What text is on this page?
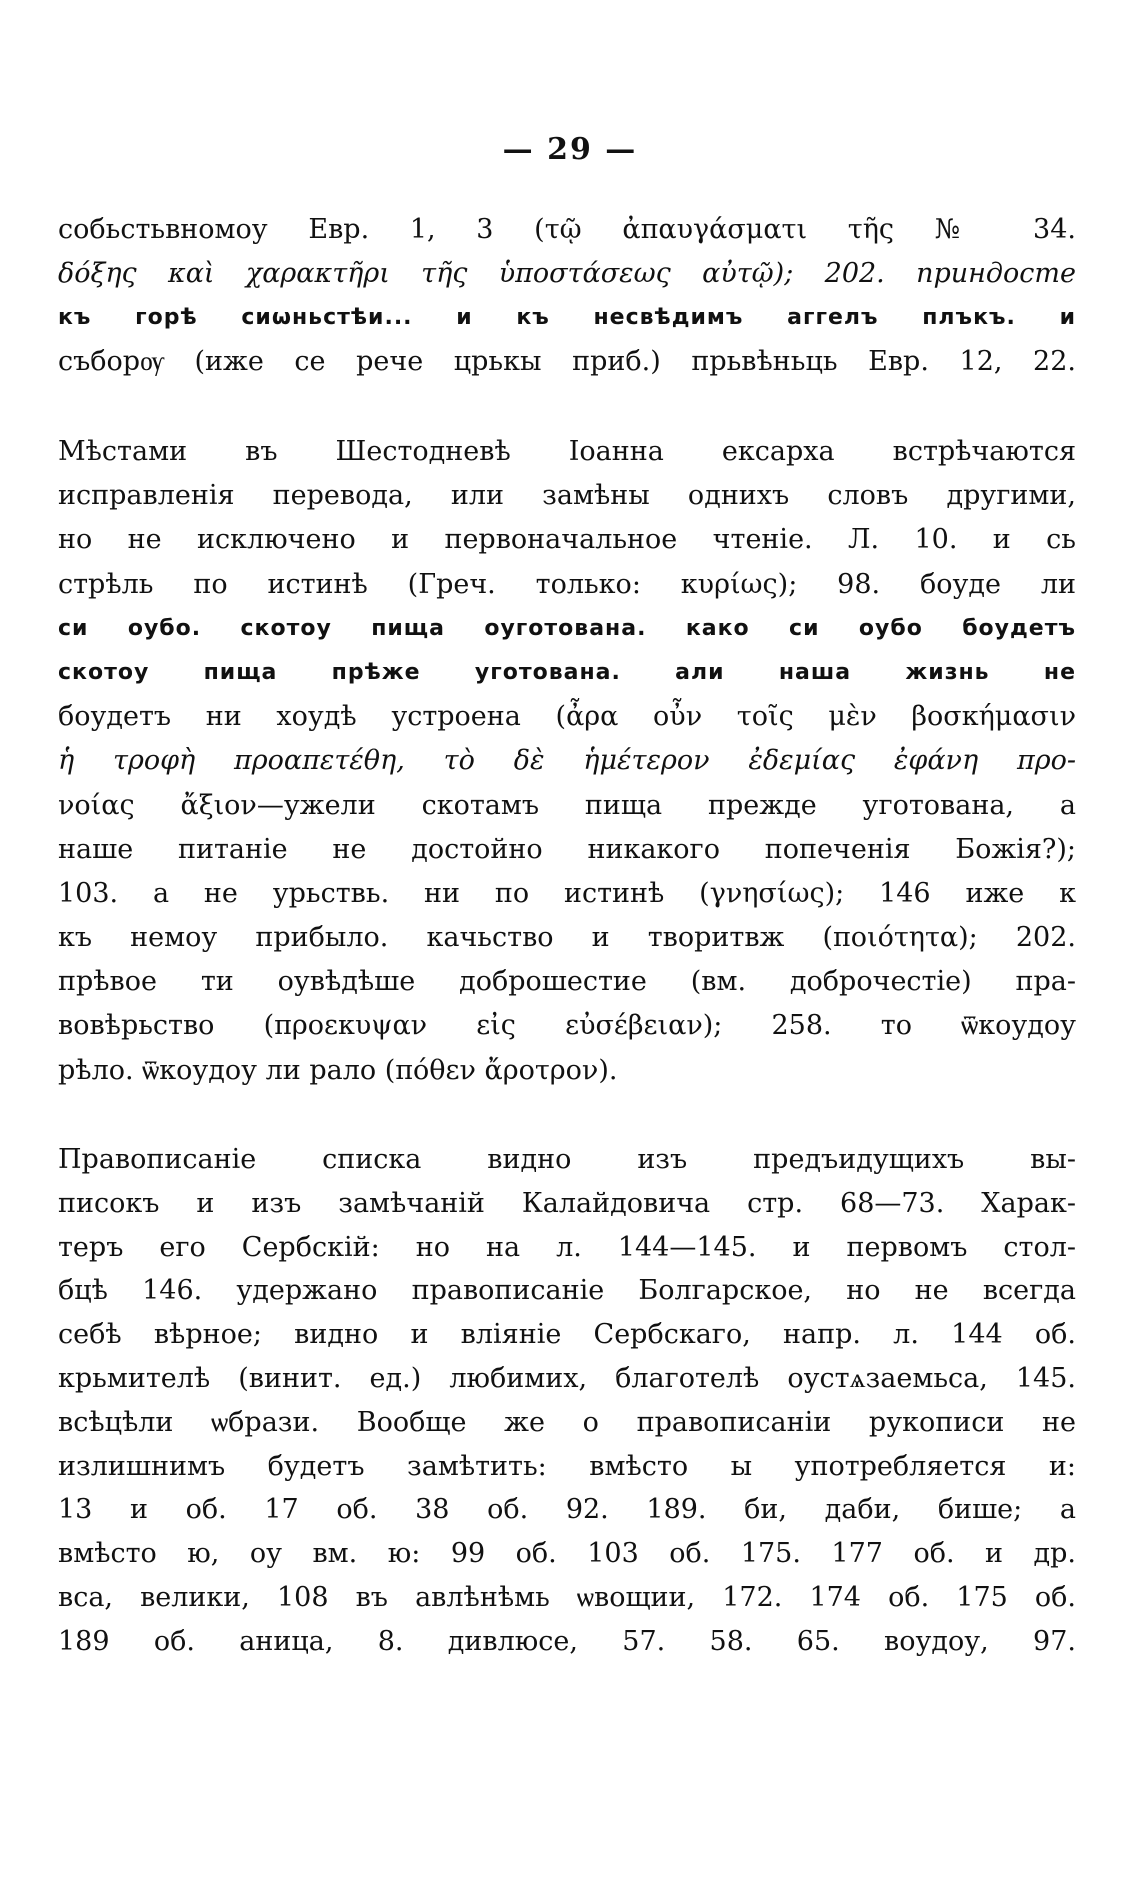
— 29 —
собьстьвномоу Евр. 1, 3 (τῷ ἀπαυγάσματι τῆς № 34.
δόξης καὶ χαρακτῆρι τῆς ὑποστάσεως αὐτῷ); 202. приндосте
къ горѣ сиѡньстѣи... и къ несвѣдимъ аггелъ плъкъ. и
съборѹ (иже се рече црькы приб.) прьвѣньць Евр. 12, 22.
Мѣстами въ Шестодневѣ Іоанна ексарха встрѣчаются
исправленія перевода, или замѣны однихъ словъ другими,
но не исключено и первоначальное чтеніе. Л. 10. и сь
стрѣль по истинѣ (Греч. только: κυρίως); 98. боуде ли
си оубо. скотоу пища оуготована. како си оубо боудетъ
скотоу пища прѣже уготована. али наша жизнь не
боудетъ ни хоудѣ устроена (ἆρα οὖν τοῖς μὲν βοσκήμασιν
ἡ τροφὴ προαπετέθη, τὸ δὲ ἡμέτερον ἐδεμίας ἐφάνη προ-
νοίας ἄξιον—ужели скотамъ пища прежде уготована, а
наше питаніе не достойно никакого попеченія Божія?);
103. а не урьствь. ни по истинѣ (γνησίως); 146 иже к
къ немоу прибыло. качьство и творитвж (ποιότητα); 202.
прѣвое ти оувѣдѣше доброшестие (вм. доброчестіе) пра-
вовѣрьство (προεκυψαν εἰς εὐσέβειαν); 258. то ѿкоудоу
рѣло. ѿкоудоу ли рало (πόθεν ἄροτρον).
Правописаніе списка видно изъ предъидущихъ вы-
писокъ и изъ замѣчаній Калайдовича стр. 68—73. Харак-
теръ его Сербскій: но на л. 144—145. и первомъ стол-
бцѣ 146. удержано правописаніе Болгарское, но не всегда
себѣ вѣрное; видно и вліяніе Сербскаго, напр. л. 144 об.
крьмителѣ (винит. ед.) любимих, благотелѣ оустѧзаемьса, 145.
всѣцѣли ѡбрази. Вообще же о правописаніи рукописи не
излишнимъ будетъ замѣтить: вмѣсто ы употребляется и:
13 и об. 17 об. 38 об. 92. 189. би, даби, бише; а
вмѣсто ю, оу вм. ю: 99 об. 103 об. 175. 177 об. и др.
вса, велики, 108 въ авлѣнѣмь ѡвощии, 172. 174 об. 175 об.
189 об. аница, 8. дивлюсе, 57. 58. 65. воудоу, 97.
